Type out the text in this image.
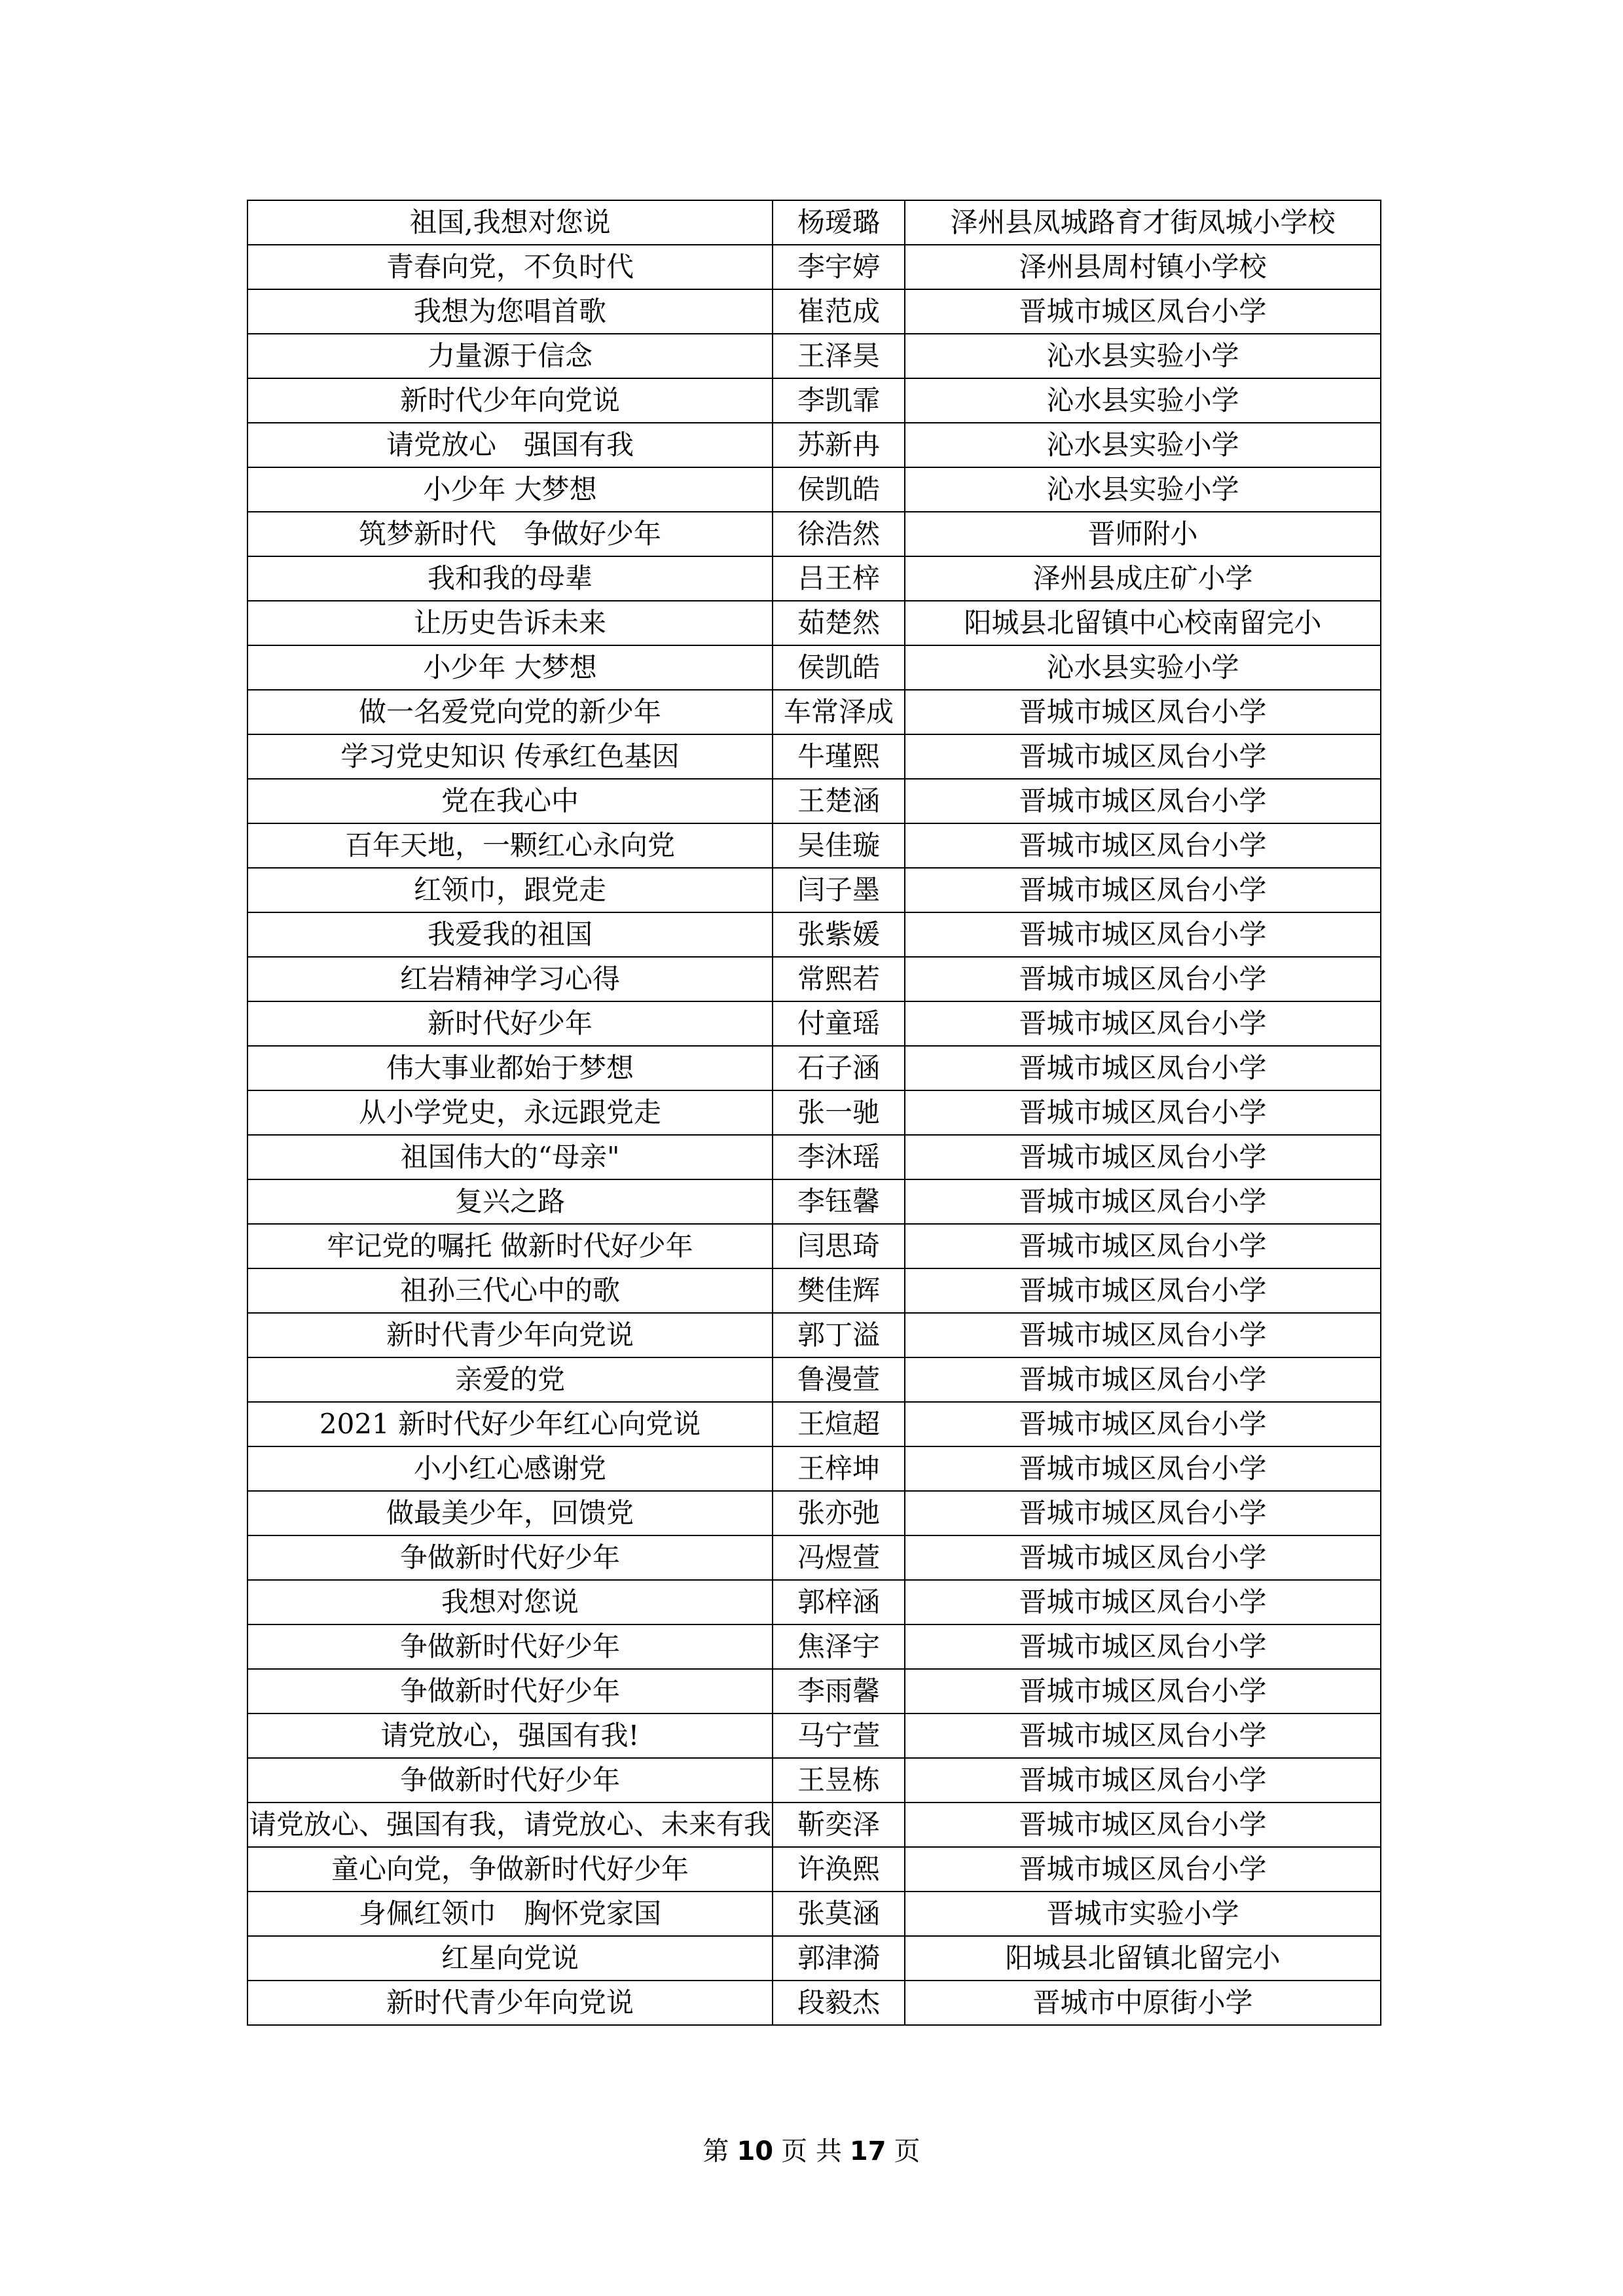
祖国,我想对您说	杨瑷璐	泽州县凤城路育才街凤城小学校
青春向党，不负时代	李宇婷	泽州县周村镇小学校
我想为您唱首歌	崔范成	晋城市城区凤台小学
力量源于信念	王泽昊	沁水县实验小学
新时代少年向党说	李凯霏	沁水县实验小学
请党放心　强国有我	苏新冉	沁水县实验小学
小少年 大梦想	侯凯皓	沁水县实验小学
筑梦新时代　争做好少年	徐浩然	晋师附小
我和我的母辈	吕王梓	泽州县成庄矿小学
让历史告诉未来	茹楚然	阳城县北留镇中心校南留完小
小少年 大梦想	侯凯皓	沁水县实验小学
做一名爱党向党的新少年	车常泽成	晋城市城区凤台小学
学习党史知识 传承红色基因	牛瑾熙	晋城市城区凤台小学
党在我心中	王楚涵	晋城市城区凤台小学
百年天地，一颗红心永向党	吴佳璇	晋城市城区凤台小学
红领巾，跟党走	闫子墨	晋城市城区凤台小学
我爱我的祖国	张紫媛	晋城市城区凤台小学
红岩精神学习心得	常熙若	晋城市城区凤台小学
新时代好少年	付童瑶	晋城市城区凤台小学
伟大事业都始于梦想	石子涵	晋城市城区凤台小学
从小学党史，永远跟党走	张一驰	晋城市城区凤台小学
祖国伟大的“母亲"	李沐瑶	晋城市城区凤台小学
复兴之路	李钰馨	晋城市城区凤台小学
牢记党的嘱托 做新时代好少年	闫思琦	晋城市城区凤台小学
祖孙三代心中的歌	樊佳辉	晋城市城区凤台小学
新时代青少年向党说	郭丁溢	晋城市城区凤台小学
亲爱的党	鲁漫萱	晋城市城区凤台小学
2021 新时代好少年红心向党说	王煊超	晋城市城区凤台小学
小小红心感谢党	王梓坤	晋城市城区凤台小学
做最美少年，回馈党	张亦弛	晋城市城区凤台小学
争做新时代好少年	冯煜萱	晋城市城区凤台小学
我想对您说	郭梓涵	晋城市城区凤台小学
争做新时代好少年	焦泽宇	晋城市城区凤台小学
争做新时代好少年	李雨馨	晋城市城区凤台小学
请党放心，强国有我!	马宁萱	晋城市城区凤台小学
争做新时代好少年	王昱栋	晋城市城区凤台小学
请党放心、强国有我，请党放心、未来有我	靳奕泽	晋城市城区凤台小学
童心向党，争做新时代好少年	许涣熙	晋城市城区凤台小学
身佩红领巾　胸怀党家国	张莫涵	晋城市实验小学
红星向党说	郭津漪	阳城县北留镇北留完小
新时代青少年向党说	段毅杰	晋城市中原街小学
第 10 页 共 17 页
